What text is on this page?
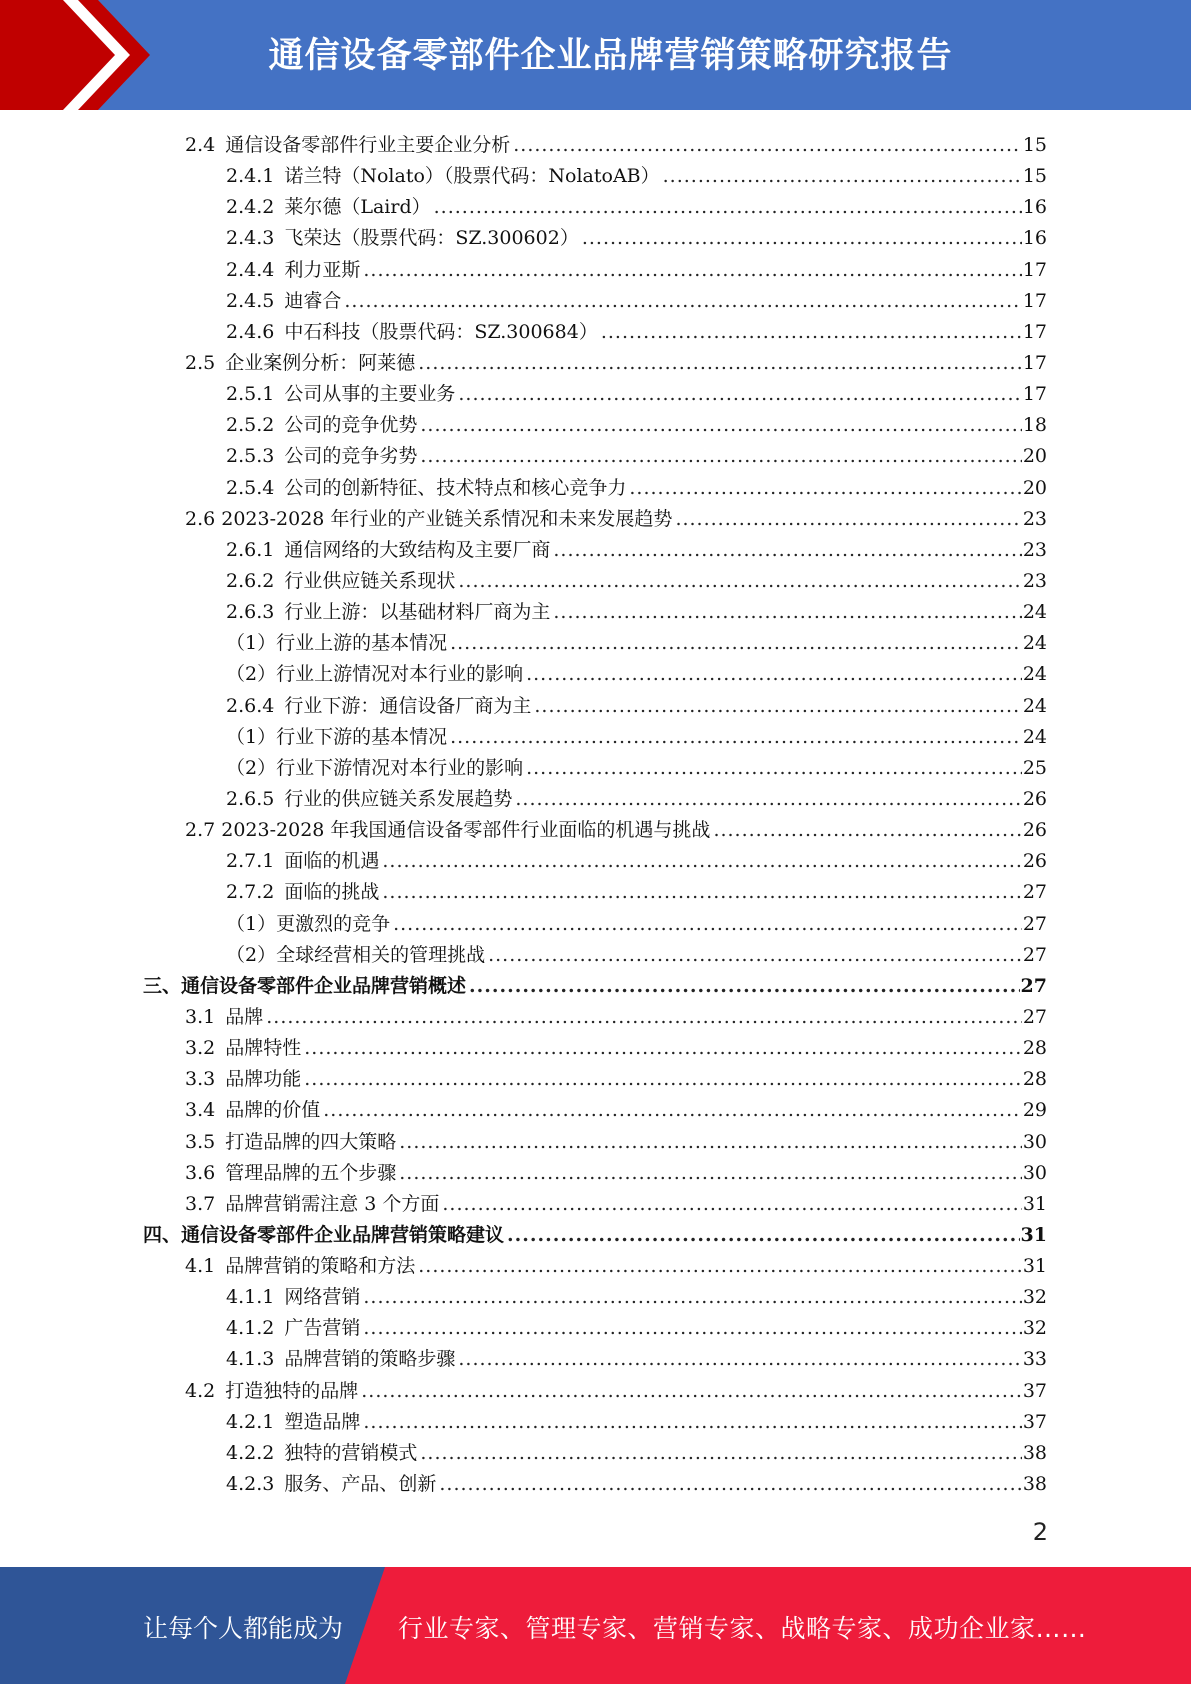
通信设备零部件企业品牌营销策略研究报告
2.4 通信设备零部件行业主要企业分析 .....	15
2.4.1 诺兰特（Nolato）（股票代码：NolatoAB） .....	15
2.4.2 莱尔德（Laird） .....	16
2.4.3 飞荣达（股票代码：SZ.300602） .....	16
2.4.4 利力亚斯 .....	17
2.4.5 迪睿合 .....	17
2.4.6 中石科技（股票代码：SZ.300684） .....	17
2.5 企业案例分析：阿莱德 .....	17
2.5.1 公司从事的主要业务 .....	17
2.5.2 公司的竞争优势 .....	18
2.5.3 公司的竞争劣势 .....	20
2.5.4 公司的创新特征、技术特点和核心竞争力 .....	20
2.6 2023-2028 年行业的产业链关系情况和未来发展趋势 .....	23
2.6.1 通信网络的大致结构及主要厂商 .....	23
2.6.2 行业供应链关系现状 .....	23
2.6.3 行业上游：以基础材料厂商为主 .....	24
（1）行业上游的基本情况 .....	24
（2）行业上游情况对本行业的影响 .....	24
2.6.4 行业下游：通信设备厂商为主 .....	24
（1）行业下游的基本情况 .....	24
（2）行业下游情况对本行业的影响 .....	25
2.6.5 行业的供应链关系发展趋势 .....	26
2.7 2023-2028 年我国通信设备零部件行业面临的机遇与挑战 .....	26
2.7.1 面临的机遇 .....	26
2.7.2 面临的挑战 .....	27
（1）更激烈的竞争 .....	27
（2）全球经营相关的管理挑战 .....	27
三、通信设备零部件企业品牌营销概述 .....	27
3.1 品牌 .....	27
3.2 品牌特性 .....	28
3.3 品牌功能 .....	28
3.4 品牌的价值 .....	29
3.5 打造品牌的四大策略 .....	30
3.6 管理品牌的五个步骤 .....	30
3.7 品牌营销需注意 3 个方面 .....	31
四、通信设备零部件企业品牌营销策略建议 .....	31
4.1 品牌营销的策略和方法 .....	31
4.1.1 网络营销 .....	32
4.1.2 广告营销 .....	32
4.1.3 品牌营销的策略步骤 .....	33
4.2 打造独特的品牌 .....	37
4.2.1 塑造品牌 .....	37
4.2.2 独特的营销模式 .....	38
4.2.3 服务、产品、创新 .....	38
2
让每个人都能成为 行业专家、管理专家、营销专家、战略专家、成功企业家……
